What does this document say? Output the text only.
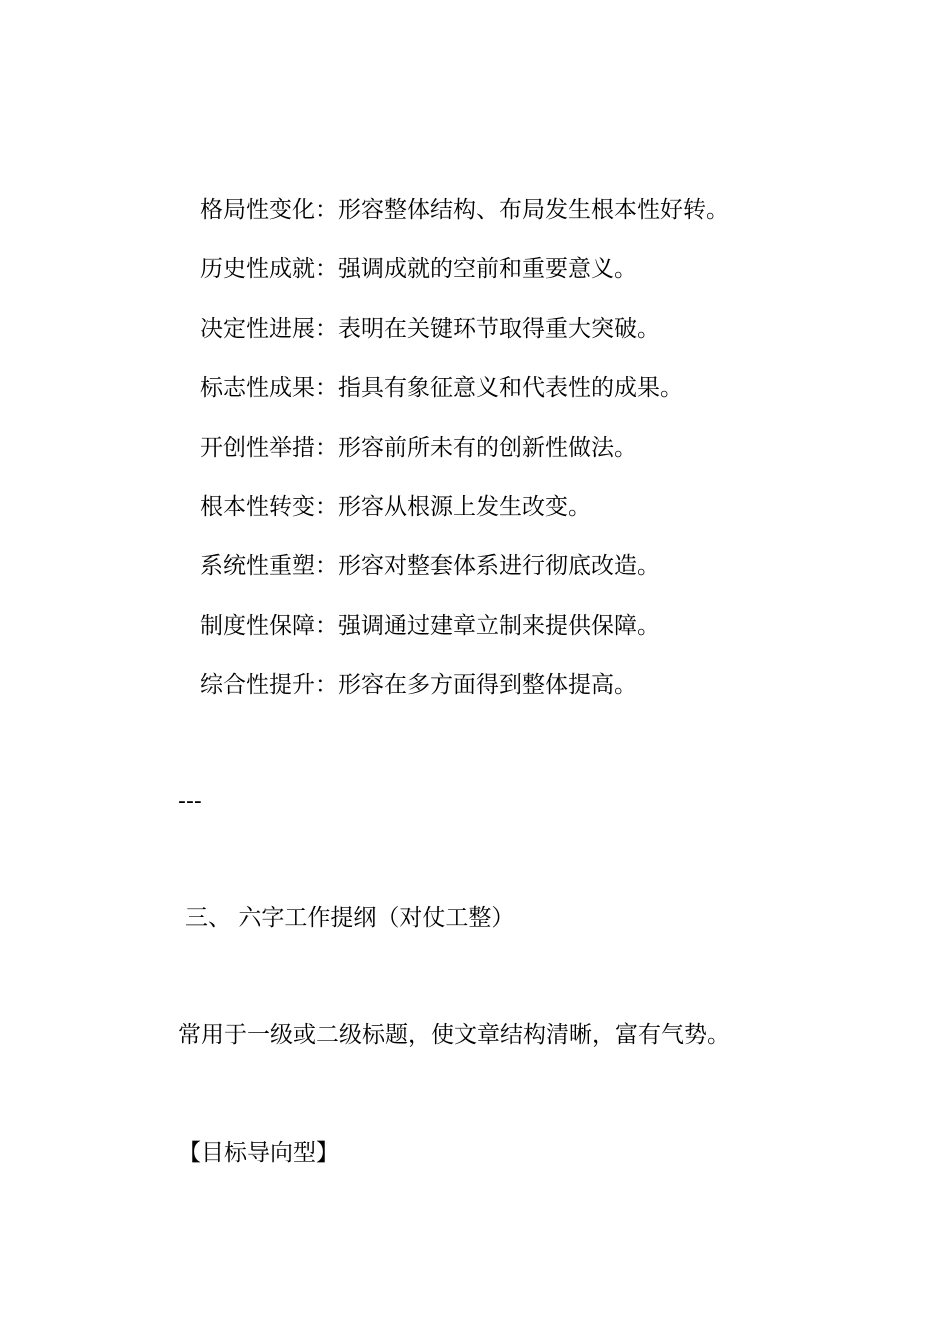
格局性变化：形容整体结构、布局发生根本性好转。
历史性成就：强调成就的空前和重要意义。
决定性进展：表明在关键环节取得重大突破。
标志性成果：指具有象征意义和代表性的成果。
开创性举措：形容前所未有的创新性做法。
根本性转变：形容从根源上发生改变。
系统性重塑：形容对整套体系进行彻底改造。
制度性保障：强调通过建章立制来提供保障。
综合性提升：形容在多方面得到整体提高。
---
三、 六字工作提纲（对仗工整）
常用于一级或二级标题，使文章结构清晰，富有气势。
【目标导向型】
